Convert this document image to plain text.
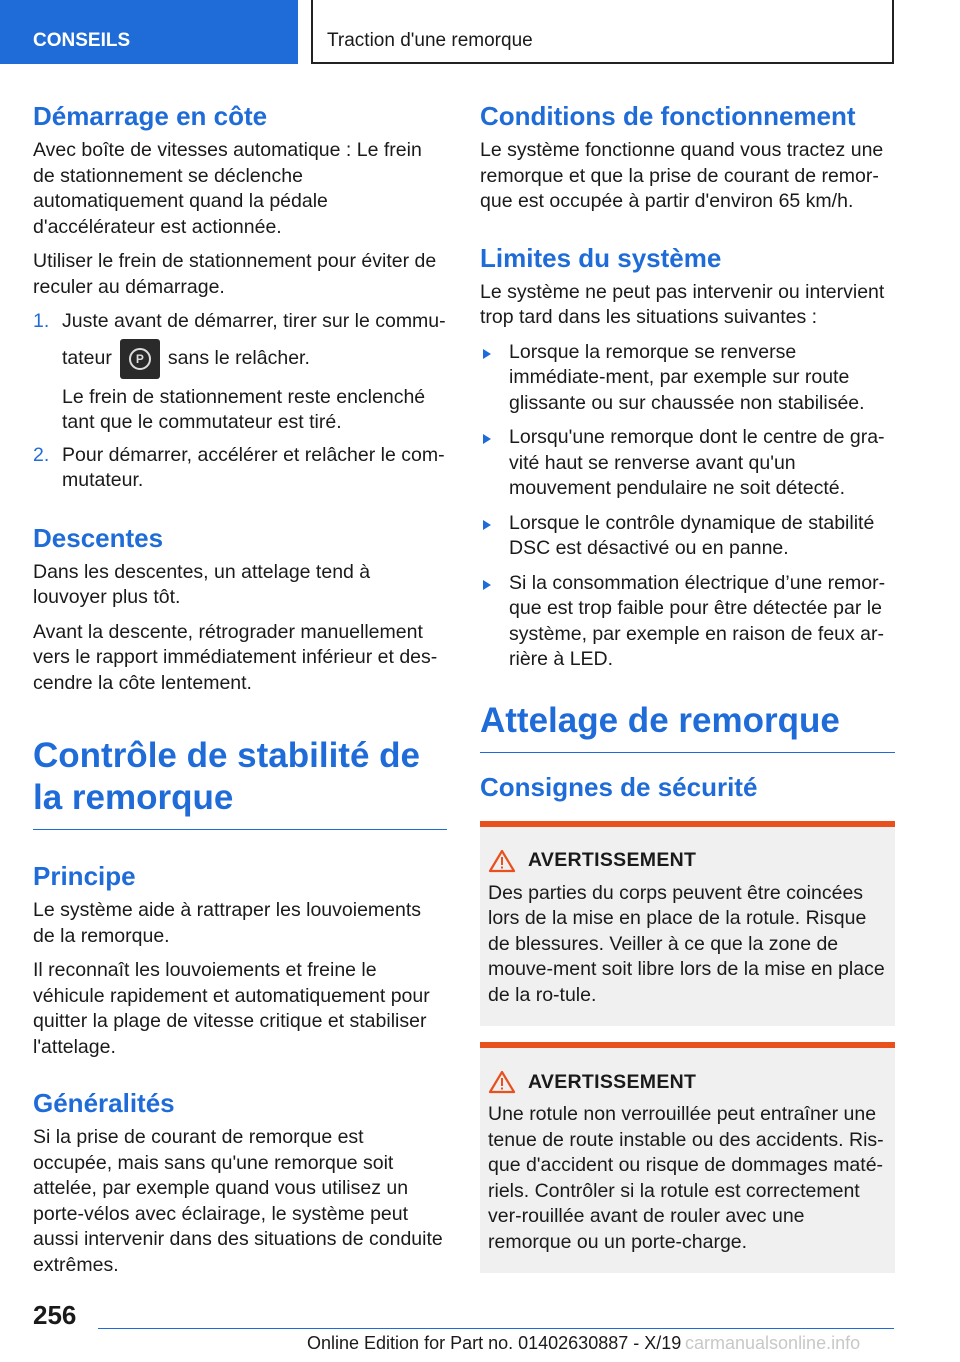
CONSEILS	Traction d'une remorque
Démarrage en côte

Avec boîte de vitesses automatique : Le frein de stationnement se déclenche automatiquement quand la pédale d'accélérateur est actionnée.

Utiliser le frein de stationnement pour éviter de reculer au démarrage.

1. Juste avant de démarrer, tirer sur le commu-
tateur	P	sans le relâcher.
Le frein de stationnement reste enclenché tant que le commutateur est tiré.
2. Pour démarrer, accélérer et relâcher le com-mutateur.
Descentes

Dans les descentes, un attelage tend à louvoyer plus tôt.

Avant la descente, rétrograder manuellement vers le rapport immédiatement inférieur et des-cendre la côte lentement.

Contrôle de stabilité de la remorque
Principe

Le système aide à rattraper les louvoiements de la remorque.

Il reconnaît les louvoiements et freine le véhicule rapidement et automatiquement pour quitter la plage de vitesse critique et stabiliser l'attelage.

Généralités

Si la prise de courant de remorque est occupée, mais sans qu'une remorque soit attelée, par exemple quand vous utilisez un porte-vélos avec éclairage, le système peut aussi intervenir dans des situations de conduite extrêmes.

Conditions de fonctionnement

Le système fonctionne quand vous tractez une remorque et que la prise de courant de remor-que est occupée à partir d'environ 65 km/h.

Limites du système

Le système ne peut pas intervenir ou intervient trop tard dans les situations suivantes :

Lorsque la remorque se renverse immédiate-ment, par exemple sur route glissante ou sur chaussée non stabilisée.
Lorsqu'une remorque dont le centre de gra-vité haut se renverse avant qu'un mouvement pendulaire ne soit détecté.
Lorsque le contrôle dynamique de stabilité DSC est désactivé ou en panne.
Si la consommation électrique d’une remor-que est trop faible pour être détectée par le système, par exemple en raison de feux ar-rière à LED.
Attelage de remorque
Consignes de sécurité
AVERTISSEMENT

Des parties du corps peuvent être coincées lors de la mise en place de la rotule. Risque de blessures. Veiller à ce que la zone de mouve-ment soit libre lors de la mise en place de la ro-tule.

AVERTISSEMENT

Une rotule non verrouillée peut entraîner une tenue de route instable ou des accidents. Ris-que d'accident ou risque de dommages maté-riels. Contrôler si la rotule est correctement ver-rouillée avant de rouler avec une remorque ou un porte-charge.

256
Online Edition for Part no. 01402630887 - X/19 carmanualsonline.info
